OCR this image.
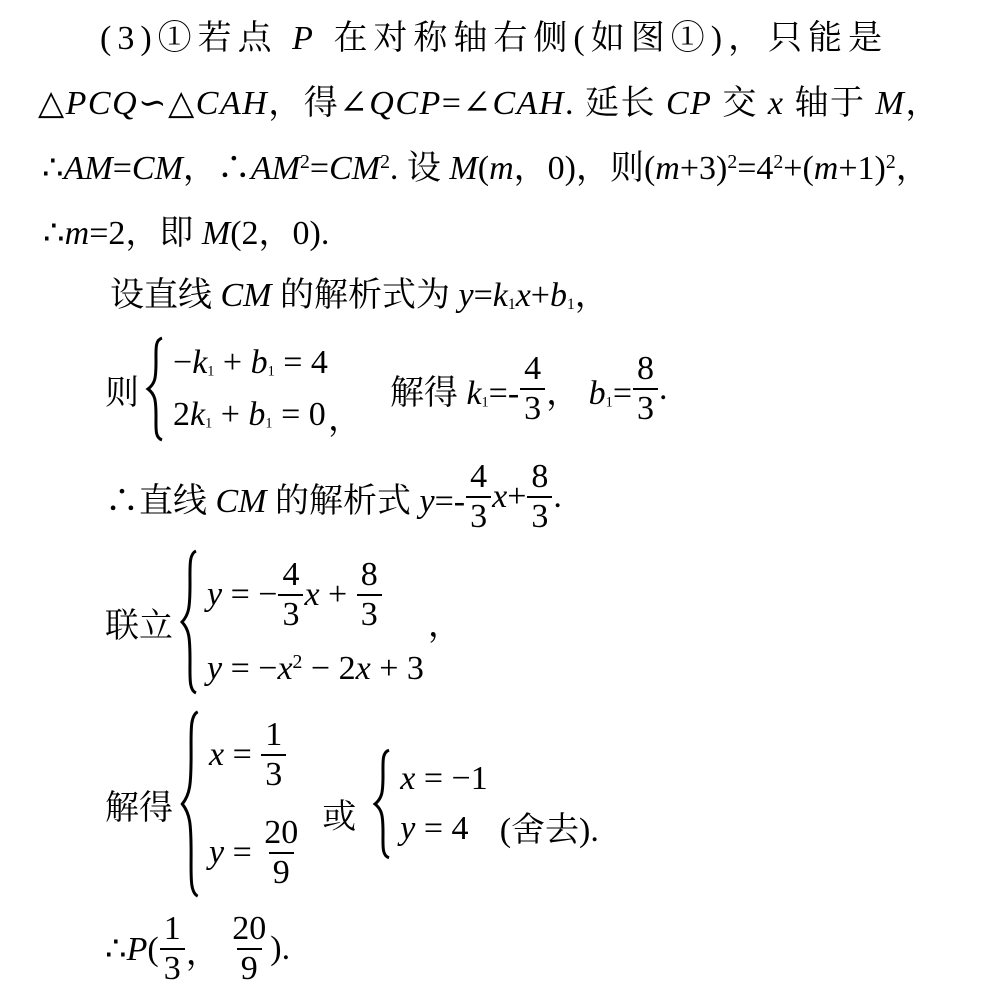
(3)①若点 P 在对称轴右侧(如图①)，只能是
△PCQ∽△CAH，得∠QCP=∠CAH. 延长 CP 交 x 轴于 M，
∴AM=CM，$\therefore AM^2=CM^2$. 设 M(m，0)，则$(m+3)^2=4^2+(m+1)^2$，
∴m=2，即 M(2，0).
设直线 CM 的解析式为 y=k1x+b1，
则
−k1 + b1 = 4
2k1 + b1 = 0 ，
解得 $k1=- \frac{4}{3}$ ， $b1= \frac{8}{3}$ .
∴直线 CM 的解析式 $y=- \frac{4}{3} x+ \frac{8}{3}$ .
联立
y = − $\frac{4}{3}$ $x + \frac{8}{3}$
$y = -x^2 - 2x + 3$
，
解得
$x = \frac{1}{3}$
$y = \frac{20}{9}$ 或
x = −1
y = 4 (舍去).
∴P( $\frac{1}{3}$ ， $\frac{20}{9}$ ).
